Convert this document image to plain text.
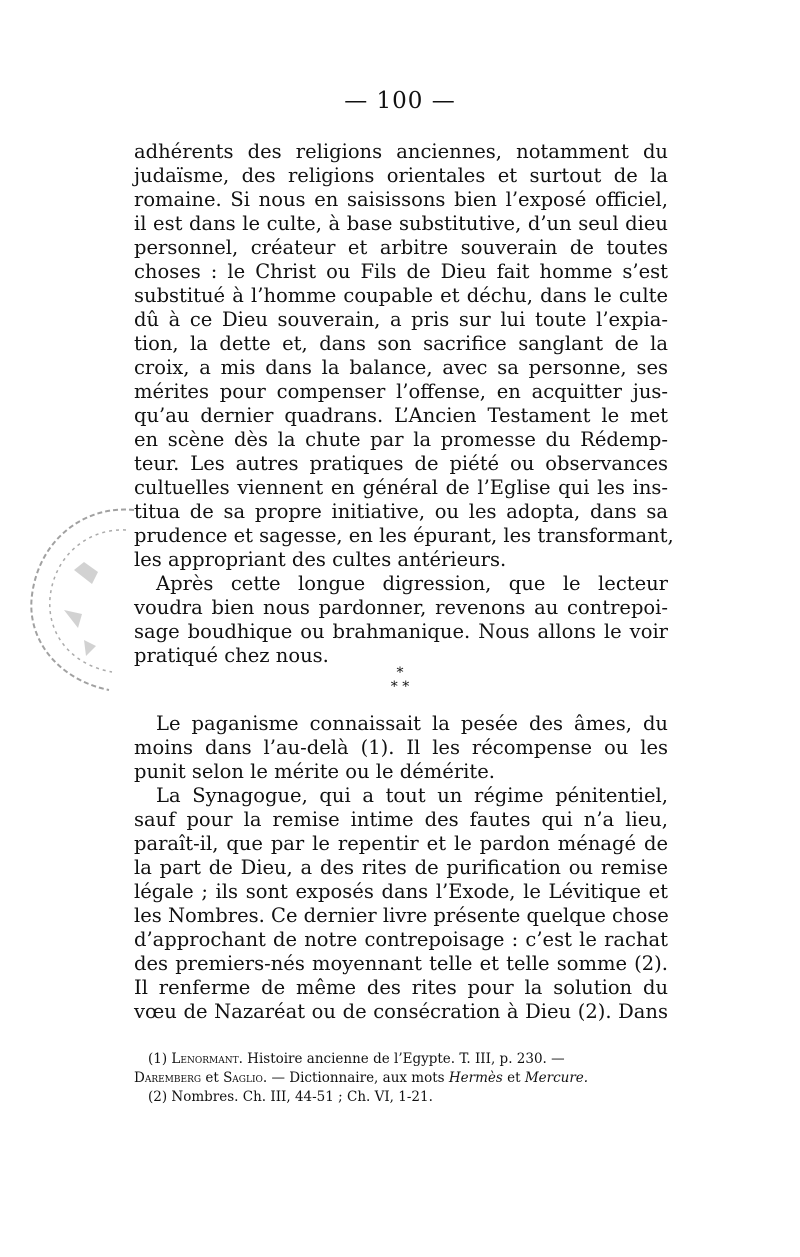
— 100 —
adhérents des religions anciennes, notamment du
judaïsme, des religions orientales et surtout de la
romaine. Si nous en saisissons bien l’exposé officiel,
il est dans le culte, à base substitutive, d’un seul dieu
personnel, créateur et arbitre souverain de toutes
choses : le Christ ou Fils de Dieu fait homme s’est
substitué à l’homme coupable et déchu, dans le culte
dû à ce Dieu souverain, a pris sur lui toute l’expia-
tion, la dette et, dans son sacrifice sanglant de la
croix, a mis dans la balance, avec sa personne, ses
mérites pour compenser l’offense, en acquitter jus-
qu’au dernier quadrans. L’Ancien Testament le met
en scène dès la chute par la promesse du Rédemp-
teur. Les autres pratiques de piété ou observances
cultuelles viennent en général de l’Eglise qui les ins-
titua de sa propre initiative, ou les adopta, dans sa
prudence et sagesse, en les épurant, les transformant,
les appropriant des cultes antérieurs.
Après cette longue digression, que le lecteur
voudra bien nous pardonner, revenons au contrepoi-
sage boudhique ou brahmanique. Nous allons le voir
pratiqué chez nous.
*
* *
Le paganisme connaissait la pesée des âmes, du
moins dans l’au-delà (1). Il les récompense ou les
punit selon le mérite ou le démérite.
La Synagogue, qui a tout un régime pénitentiel,
sauf pour la remise intime des fautes qui n’a lieu,
paraît-il, que par le repentir et le pardon ménagé de
la part de Dieu, a des rites de purification ou remise
légale ; ils sont exposés dans l’Exode, le Lévitique et
les Nombres. Ce dernier livre présente quelque chose
d’approchant de notre contrepoisage : c’est le rachat
des premiers-nés moyennant telle et telle somme (2).
Il renferme de même des rites pour la solution du
vœu de Nazaréat ou de consécration à Dieu (2). Dans
(1) Lenormant. Histoire ancienne de l’Egypte. T. III, p. 230. —
Daremberg et Saglio. — Dictionnaire, aux mots Hermès et Mercure.
(2) Nombres. Ch. III, 44-51 ; Ch. VI, 1-21.
